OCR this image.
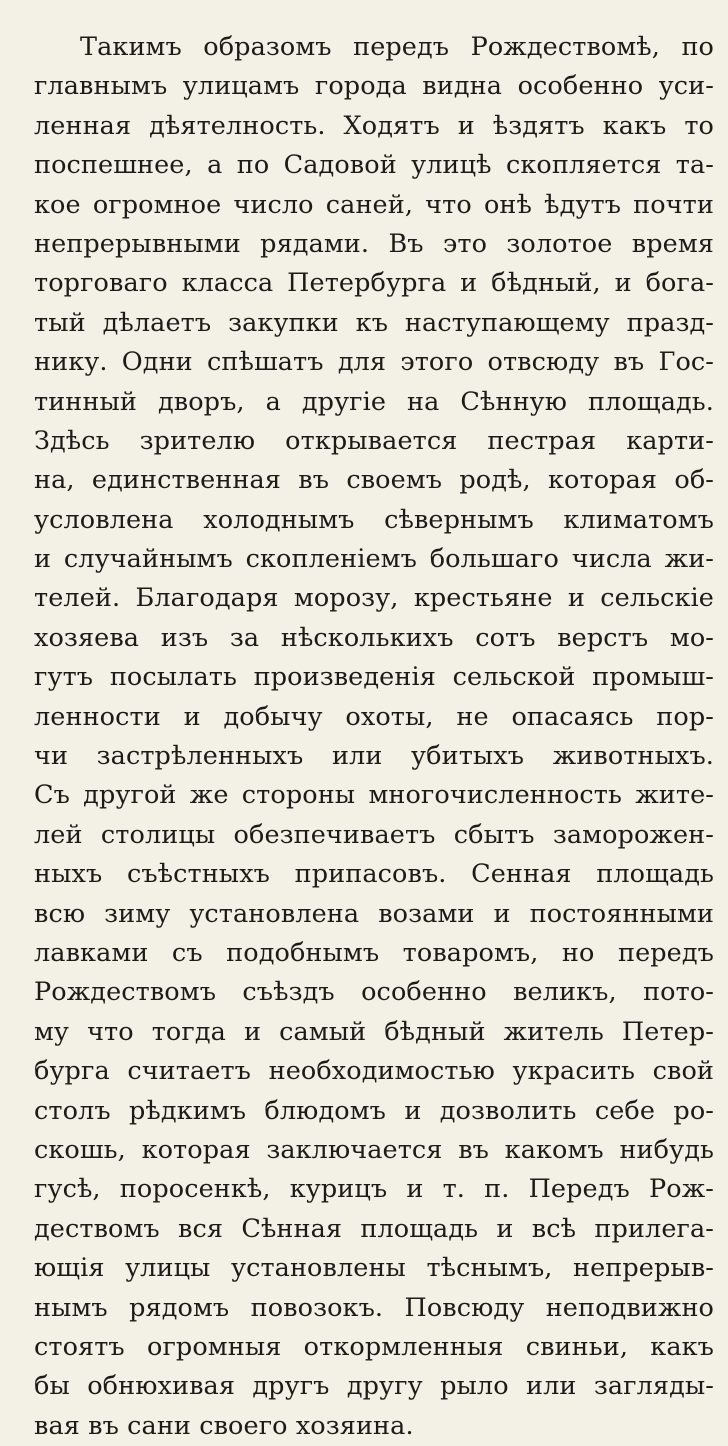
Такимъ образомъ передъ Рождествомѣ, по
главнымъ улицамъ города видна особенно уси-
ленная дѣятелность. Ходятъ и ѣздятъ какъ то
поспешнее, а по Садовой улицѣ скопляется та-
кое огромное число саней, что онѣ ѣдутъ почти
непрерывными рядами. Въ это золотое время
торговаго класса Петербурга и бѣдный, и бога-
тый дѣлаетъ закупки къ наступающему празд-
нику. Одни спѣшатъ для этого отвсюду въ Гос-
тинный дворъ, а другіе на Сѣнную площадь.
Здѣсь зрителю открывается пестрая карти-
на, единственная въ своемъ родѣ, которая об-
условлена холоднымъ сѣвернымъ климатомъ
и случайнымъ скопленіемъ большаго числа жи-
телей. Благодаря морозу, крестьяне и сельскіе
хозяева изъ за нѣсколькихъ сотъ верстъ мо-
гутъ посылать произведенія сельской промыш-
ленности и добычу охоты, не опасаясь пор-
чи застрѣленныхъ или убитыхъ животныхъ.
Съ другой же стороны многочисленность жите-
лей столицы обезпечиваетъ сбытъ заморожен-
ныхъ съѣстныхъ припасовъ. Сенная площадь
всю зиму установлена возами и постоянными
лавками съ подобнымъ товаромъ, но передъ
Рождествомъ съѣздъ особенно великъ, пото-
му что тогда и самый бѣдный житель Петер-
бурга считаетъ необходимостью украсить свой
столъ рѣдкимъ блюдомъ и дозволить себе ро-
скошь, которая заключается въ какомъ нибудь
гусѣ, поросенкѣ, курицъ и т. п. Передъ Рож-
дествомъ вся Сѣнная площадь и всѣ прилега-
ющія улицы установлены тѣснымъ, непрерыв-
нымъ рядомъ повозокъ. Повсюду неподвижно
стоятъ огромныя откормленныя свиньи, какъ
бы обнюхивая другъ другу рыло или загляды-
вая въ сани своего хозяина.
